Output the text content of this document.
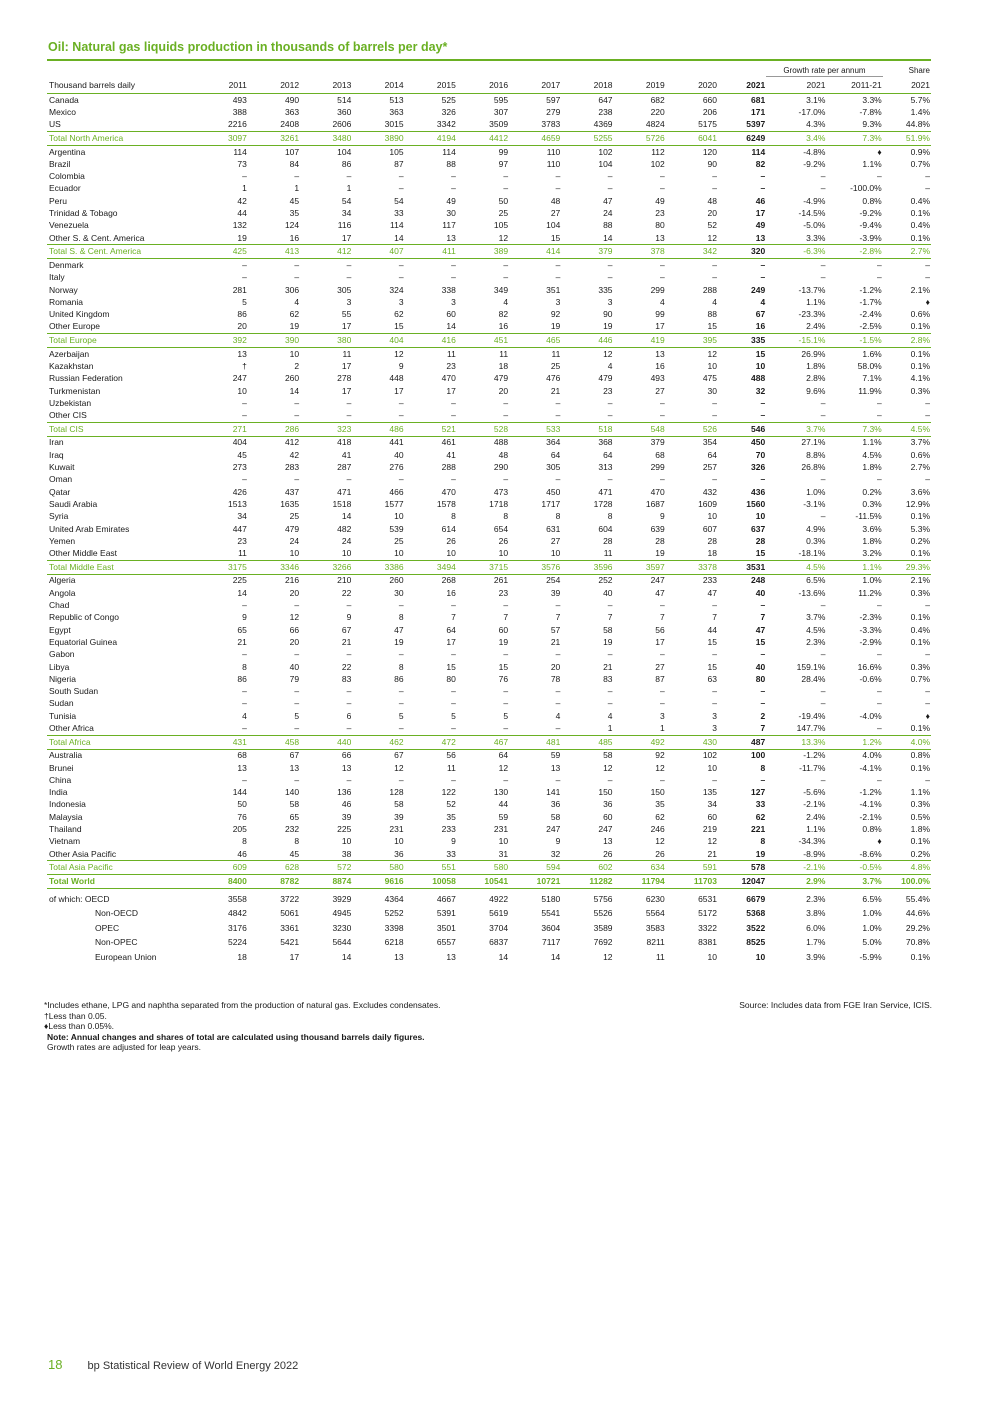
Oil: Natural gas liquids production in thousands of barrels per day*
												Growth rate per annum		Share
Thousand barrels daily	2011	2012	2013	2014	2015	2016	2017	2018	2019	2020	2021	2021	2011-21	2021
Canada	493	490	514	513	525	595	597	647	682	660	681	3.1%	3.3%	5.7%
Mexico	388	363	360	363	326	307	279	238	220	206	171	-17.0%	-7.8%	1.4%
US	2216	2408	2606	3015	3342	3509	3783	4369	4824	5175	5397	4.3%	9.3%	44.8%
Total North America	3097	3261	3480	3890	4194	4412	4659	5255	5726	6041	6249	3.4%	7.3%	51.9%
Argentina	114	107	104	105	114	99	110	102	112	120	114	-4.8%	♦	0.9%
Brazil	73	84	86	87	88	97	110	104	102	90	82	-9.2%	1.1%	0.7%
Colombia	–	–	–	–	–	–	–	–	–	–	–	–	–	–
Ecuador	1	1	1	–	–	–	–	–	–	–	–	–	-100.0%	–
Peru	42	45	54	54	49	50	48	47	49	48	46	-4.9%	0.8%	0.4%
Trinidad & Tobago	44	35	34	33	30	25	27	24	23	20	17	-14.5%	-9.2%	0.1%
Venezuela	132	124	116	114	117	105	104	88	80	52	49	-5.0%	-9.4%	0.4%
Other S. & Cent. America	19	16	17	14	13	12	15	14	13	12	13	3.3%	-3.9%	0.1%
Total S. & Cent. America	425	413	412	407	411	389	414	379	378	342	320	-6.3%	-2.8%	2.7%
Denmark	–	–	–	–	–	–	–	–	–	–	–	–	–	–
Italy	–	–	–	–	–	–	–	–	–	–	–	–	–	–
Norway	281	306	305	324	338	349	351	335	299	288	249	-13.7%	-1.2%	2.1%
Romania	5	4	3	3	3	4	3	3	4	4	4	1.1%	-1.7%	♦
United Kingdom	86	62	55	62	60	82	92	90	99	88	67	-23.3%	-2.4%	0.6%
Other Europe	20	19	17	15	14	16	19	19	17	15	16	2.4%	-2.5%	0.1%
Total Europe	392	390	380	404	416	451	465	446	419	395	335	-15.1%	-1.5%	2.8%
Azerbaijan	13	10	11	12	11	11	11	12	13	12	15	26.9%	1.6%	0.1%
Kazakhstan	†	2	17	9	23	18	25	4	16	10	10	1.8%	58.0%	0.1%
Russian Federation	247	260	278	448	470	479	476	479	493	475	488	2.8%	7.1%	4.1%
Turkmenistan	10	14	17	17	17	20	21	23	27	30	32	9.6%	11.9%	0.3%
Uzbekistan	–	–	–	–	–	–	–	–	–	–	–	–	–	–
Other CIS	–	–	–	–	–	–	–	–	–	–	–	–	–	–
Total CIS	271	286	323	486	521	528	533	518	548	526	546	3.7%	7.3%	4.5%
Iran	404	412	418	441	461	488	364	368	379	354	450	27.1%	1.1%	3.7%
Iraq	45	42	41	40	41	48	64	64	68	64	70	8.8%	4.5%	0.6%
Kuwait	273	283	287	276	288	290	305	313	299	257	326	26.8%	1.8%	2.7%
Oman	–	–	–	–	–	–	–	–	–	–	–	–	–	–
Qatar	426	437	471	466	470	473	450	471	470	432	436	1.0%	0.2%	3.6%
Saudi Arabia	1513	1635	1518	1577	1578	1718	1717	1728	1687	1609	1560	-3.1%	0.3%	12.9%
Syria	34	25	14	10	8	8	8	8	9	10	10	–	-11.5%	0.1%
United Arab Emirates	447	479	482	539	614	654	631	604	639	607	637	4.9%	3.6%	5.3%
Yemen	23	24	24	25	26	26	27	28	28	28	28	0.3%	1.8%	0.2%
Other Middle East	11	10	10	10	10	10	10	11	19	18	15	-18.1%	3.2%	0.1%
Total Middle East	3175	3346	3266	3386	3494	3715	3576	3596	3597	3378	3531	4.5%	1.1%	29.3%
Algeria	225	216	210	260	268	261	254	252	247	233	248	6.5%	1.0%	2.1%
Angola	14	20	22	30	16	23	39	40	47	47	40	-13.6%	11.2%	0.3%
Chad	–	–	–	–	–	–	–	–	–	–	–	–	–	–
Republic of Congo	9	12	9	8	7	7	7	7	7	7	7	3.7%	-2.3%	0.1%
Egypt	65	66	67	47	64	60	57	58	56	44	47	4.5%	-3.3%	0.4%
Equatorial Guinea	21	20	21	19	17	19	21	19	17	15	15	2.3%	-2.9%	0.1%
Gabon	–	–	–	–	–	–	–	–	–	–	–	–	–	–
Libya	8	40	22	8	15	15	20	21	27	15	40	159.1%	16.6%	0.3%
Nigeria	86	79	83	86	80	76	78	83	87	63	80	28.4%	-0.6%	0.7%
South Sudan	–	–	–	–	–	–	–	–	–	–	–	–	–	–
Sudan	–	–	–	–	–	–	–	–	–	–	–	–	–	–
Tunisia	4	5	6	5	5	5	4	4	3	3	2	-19.4%	-4.0%	♦
Other Africa	–	–	–	–	–	–	–	1	1	3	7	147.7%	–	0.1%
Total Africa	431	458	440	462	472	467	481	485	492	430	487	13.3%	1.2%	4.0%
Australia	68	67	66	67	56	64	59	58	92	102	100	-1.2%	4.0%	0.8%
Brunei	13	13	13	12	11	12	13	12	12	10	8	-11.7%	-4.1%	0.1%
China	–	–	–	–	–	–	–	–	–	–	–	–	–	–
India	144	140	136	128	122	130	141	150	150	135	127	-5.6%	-1.2%	1.1%
Indonesia	50	58	46	58	52	44	36	36	35	34	33	-2.1%	-4.1%	0.3%
Malaysia	76	65	39	39	35	59	58	60	62	60	62	2.4%	-2.1%	0.5%
Thailand	205	232	225	231	233	231	247	247	246	219	221	1.1%	0.8%	1.8%
Vietnam	8	8	10	10	9	10	9	13	12	12	8	-34.3%	♦	0.1%
Other Asia Pacific	46	45	38	36	33	31	32	26	26	21	19	-8.9%	-8.6%	0.2%
Total Asia Pacific	609	628	572	580	551	580	594	602	634	591	578	-2.1%	-0.5%	4.8%
Total World	8400	8782	8874	9616	10058	10541	10721	11282	11794	11703	12047	2.9%	3.7%	100.0%

of which: OECD	3558	3722	3929	4364	4667	4922	5180	5756	6230	6531	6679	2.3%	6.5%	55.4%
Non-OECD	4842	5061	4945	5252	5391	5619	5541	5526	5564	5172	5368	3.8%	1.0%	44.6%
OPEC	3176	3361	3230	3398	3501	3704	3604	3589	3583	3322	3522	6.0%	1.0%	29.2%
Non-OPEC	5224	5421	5644	6218	6557	6837	7117	7692	8211	8381	8525	1.7%	5.0%	70.8%
European Union	18	17	14	13	13	14	14	12	11	10	10	3.9%	-5.9%	0.1%
*Includes ethane, LPG and naphtha separated from the production of natural gas. Excludes condensates.
†Less than 0.05.
♦Less than 0.05%.
Note: Annual changes and shares of total are calculated using thousand barrels daily figures.
Growth rates are adjusted for leap years.
Source: Includes data from FGE Iran Service, ICIS.
18 bp Statistical Review of World Energy 2022
